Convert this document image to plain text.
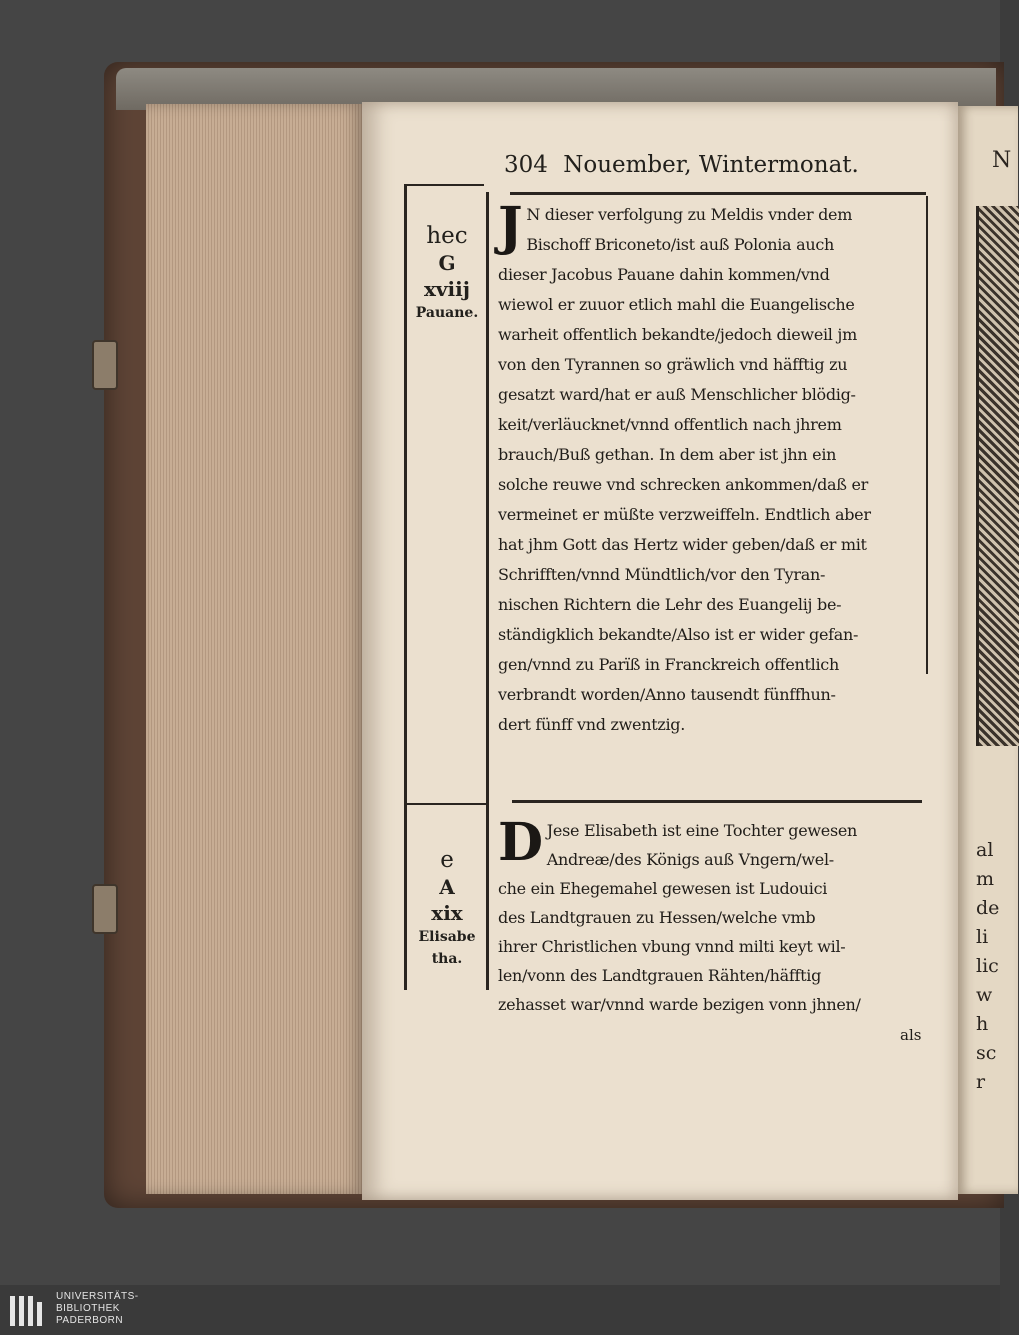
N
al
m
de
li
lic
w
h
sc
r
304 Nouember, Wintermonat.
hec
G
xviij
Pauane.
e
A
xix
Elisabe
tha.
J N dieser verfolgung zu Meldis vnder dem
Bischoff Briconeto/ist auß Polonia auch
dieser Jacobus Pauane dahin kommen/vnd
wiewol er zuuor etlich mahl die Euangelische
warheit offentlich bekandte/jedoch dieweil jm
von den Tyrannen so gräwlich vnd häfftig zu
gesatzt ward/hat er auß Menschlicher blödig-
keit/verläucknet/vnnd offentlich nach jhrem
brauch/Buß gethan. In dem aber ist jhn ein
solche reuwe vnd schrecken ankommen/daß er
vermeinet er müßte verzweiffeln. Endtlich aber
hat jhm Gott das Hertz wider geben/daß er mit
Schrifften/vnnd Mündtlich/vor den Tyran-
nischen Richtern die Lehr des Euangelij be-
ständigklich bekandte/Also ist er wider gefan-
gen/vnnd zu Parïß in Franckreich offentlich
verbrandt worden/Anno tausendt fünffhun-
dert fünff vnd zwentzig.
D Jese Elisabeth ist eine Tochter gewesen
Andreæ/des Königs auß Vngern/wel-
che ein Ehegemahel gewesen ist Ludouici
des Landtgrauen zu Hessen/welche vmb
ihrer Christlichen vbung vnnd milti keyt wil-
len/vonn des Landtgrauen Rähten/häfftig
zehasset war/vnnd warde bezigen vonn jhnen/
als
UNIVERSITÄTS-
BIBLIOTHEK
PADERBORN
